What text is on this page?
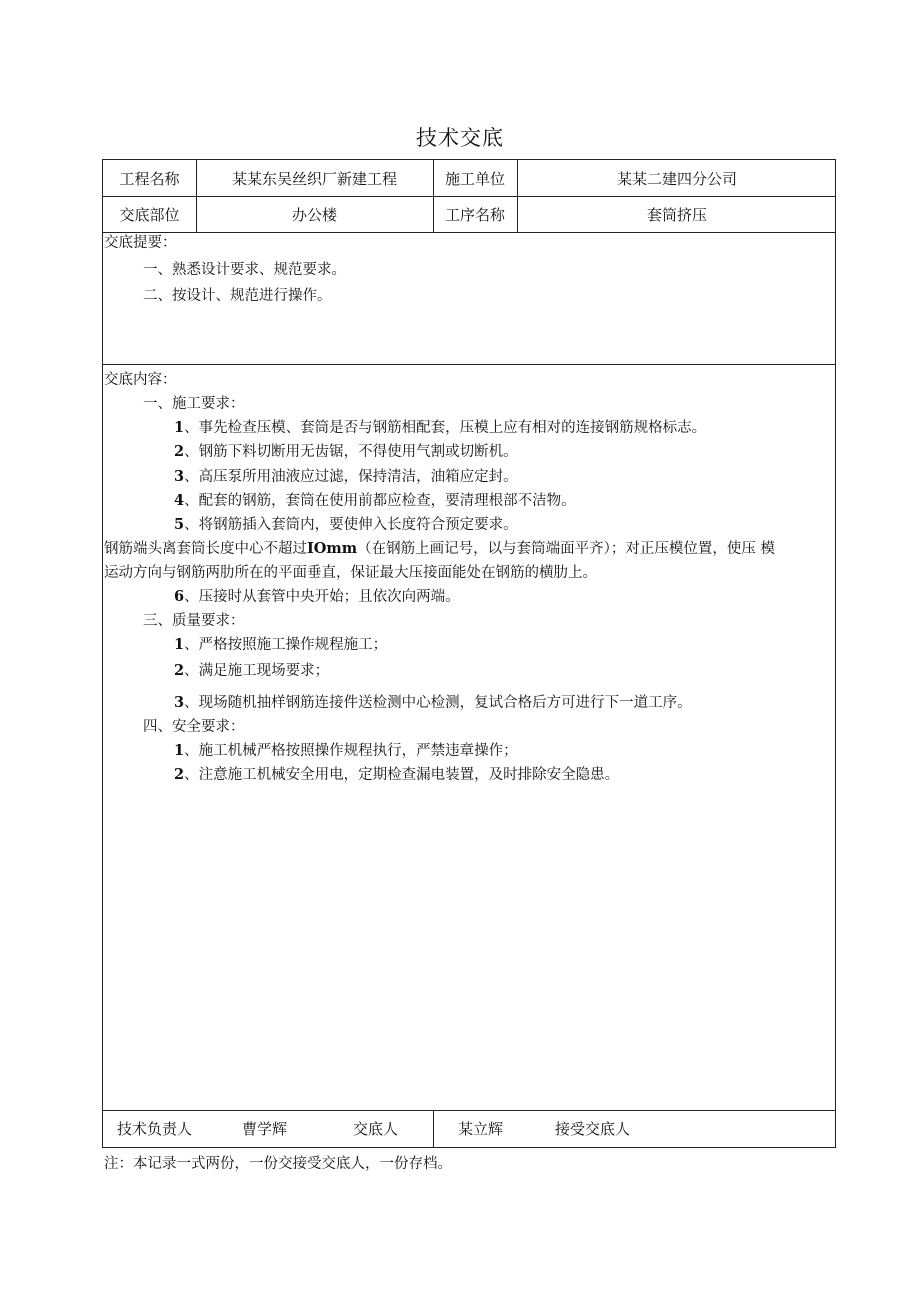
技术交底
工程名称	某某东吴丝织厂新建工程	施工单位	某某二建四分公司
交底部位	办公楼	工序名称	套筒挤压
交底提要：
一、熟悉设计要求、规范要求。
二、按设计、规范进行操作。
交底内容：
一、施工要求：
1、事先检查压模、套筒是否与钢筋相配套，压模上应有相对的连接钢筋规格标志。
2、钢筋下料切断用无齿锯，不得使用气割或切断机。
3、高压泵所用油液应过滤，保持清洁，油箱应定封。
4、配套的钢筋，套筒在使用前都应检查，要清理根部不洁物。
5、将钢筋插入套筒内，要使伸入长度符合预定要求。
钢筋端头离套筒长度中心不超过IOmm（在钢筋上画记号，以与套筒端面平齐）；对正压模位置，使压 模
运动方向与钢筋两肋所在的平面垂直，保证最大压接面能处在钢筋的横肋上。
6、压接时从套管中央开始；且依次向两端。
三、质量要求：
1、严格按照施工操作规程施工；
2、满足施工现场要求；
3、现场随机抽样钢筋连接件送检测中心检测，复试合格后方可进行下一道工序。
四、安全要求：
1、施工机械严格按照操作规程执行，严禁违章操作；
2、注意施工机械安全用电，定期检查漏电装置，及时排除安全隐患。
技术负责人	曹学辉	交底人	某立辉	接受交底人
注：本记录一式两份，一份交接受交底人，一份存档。
